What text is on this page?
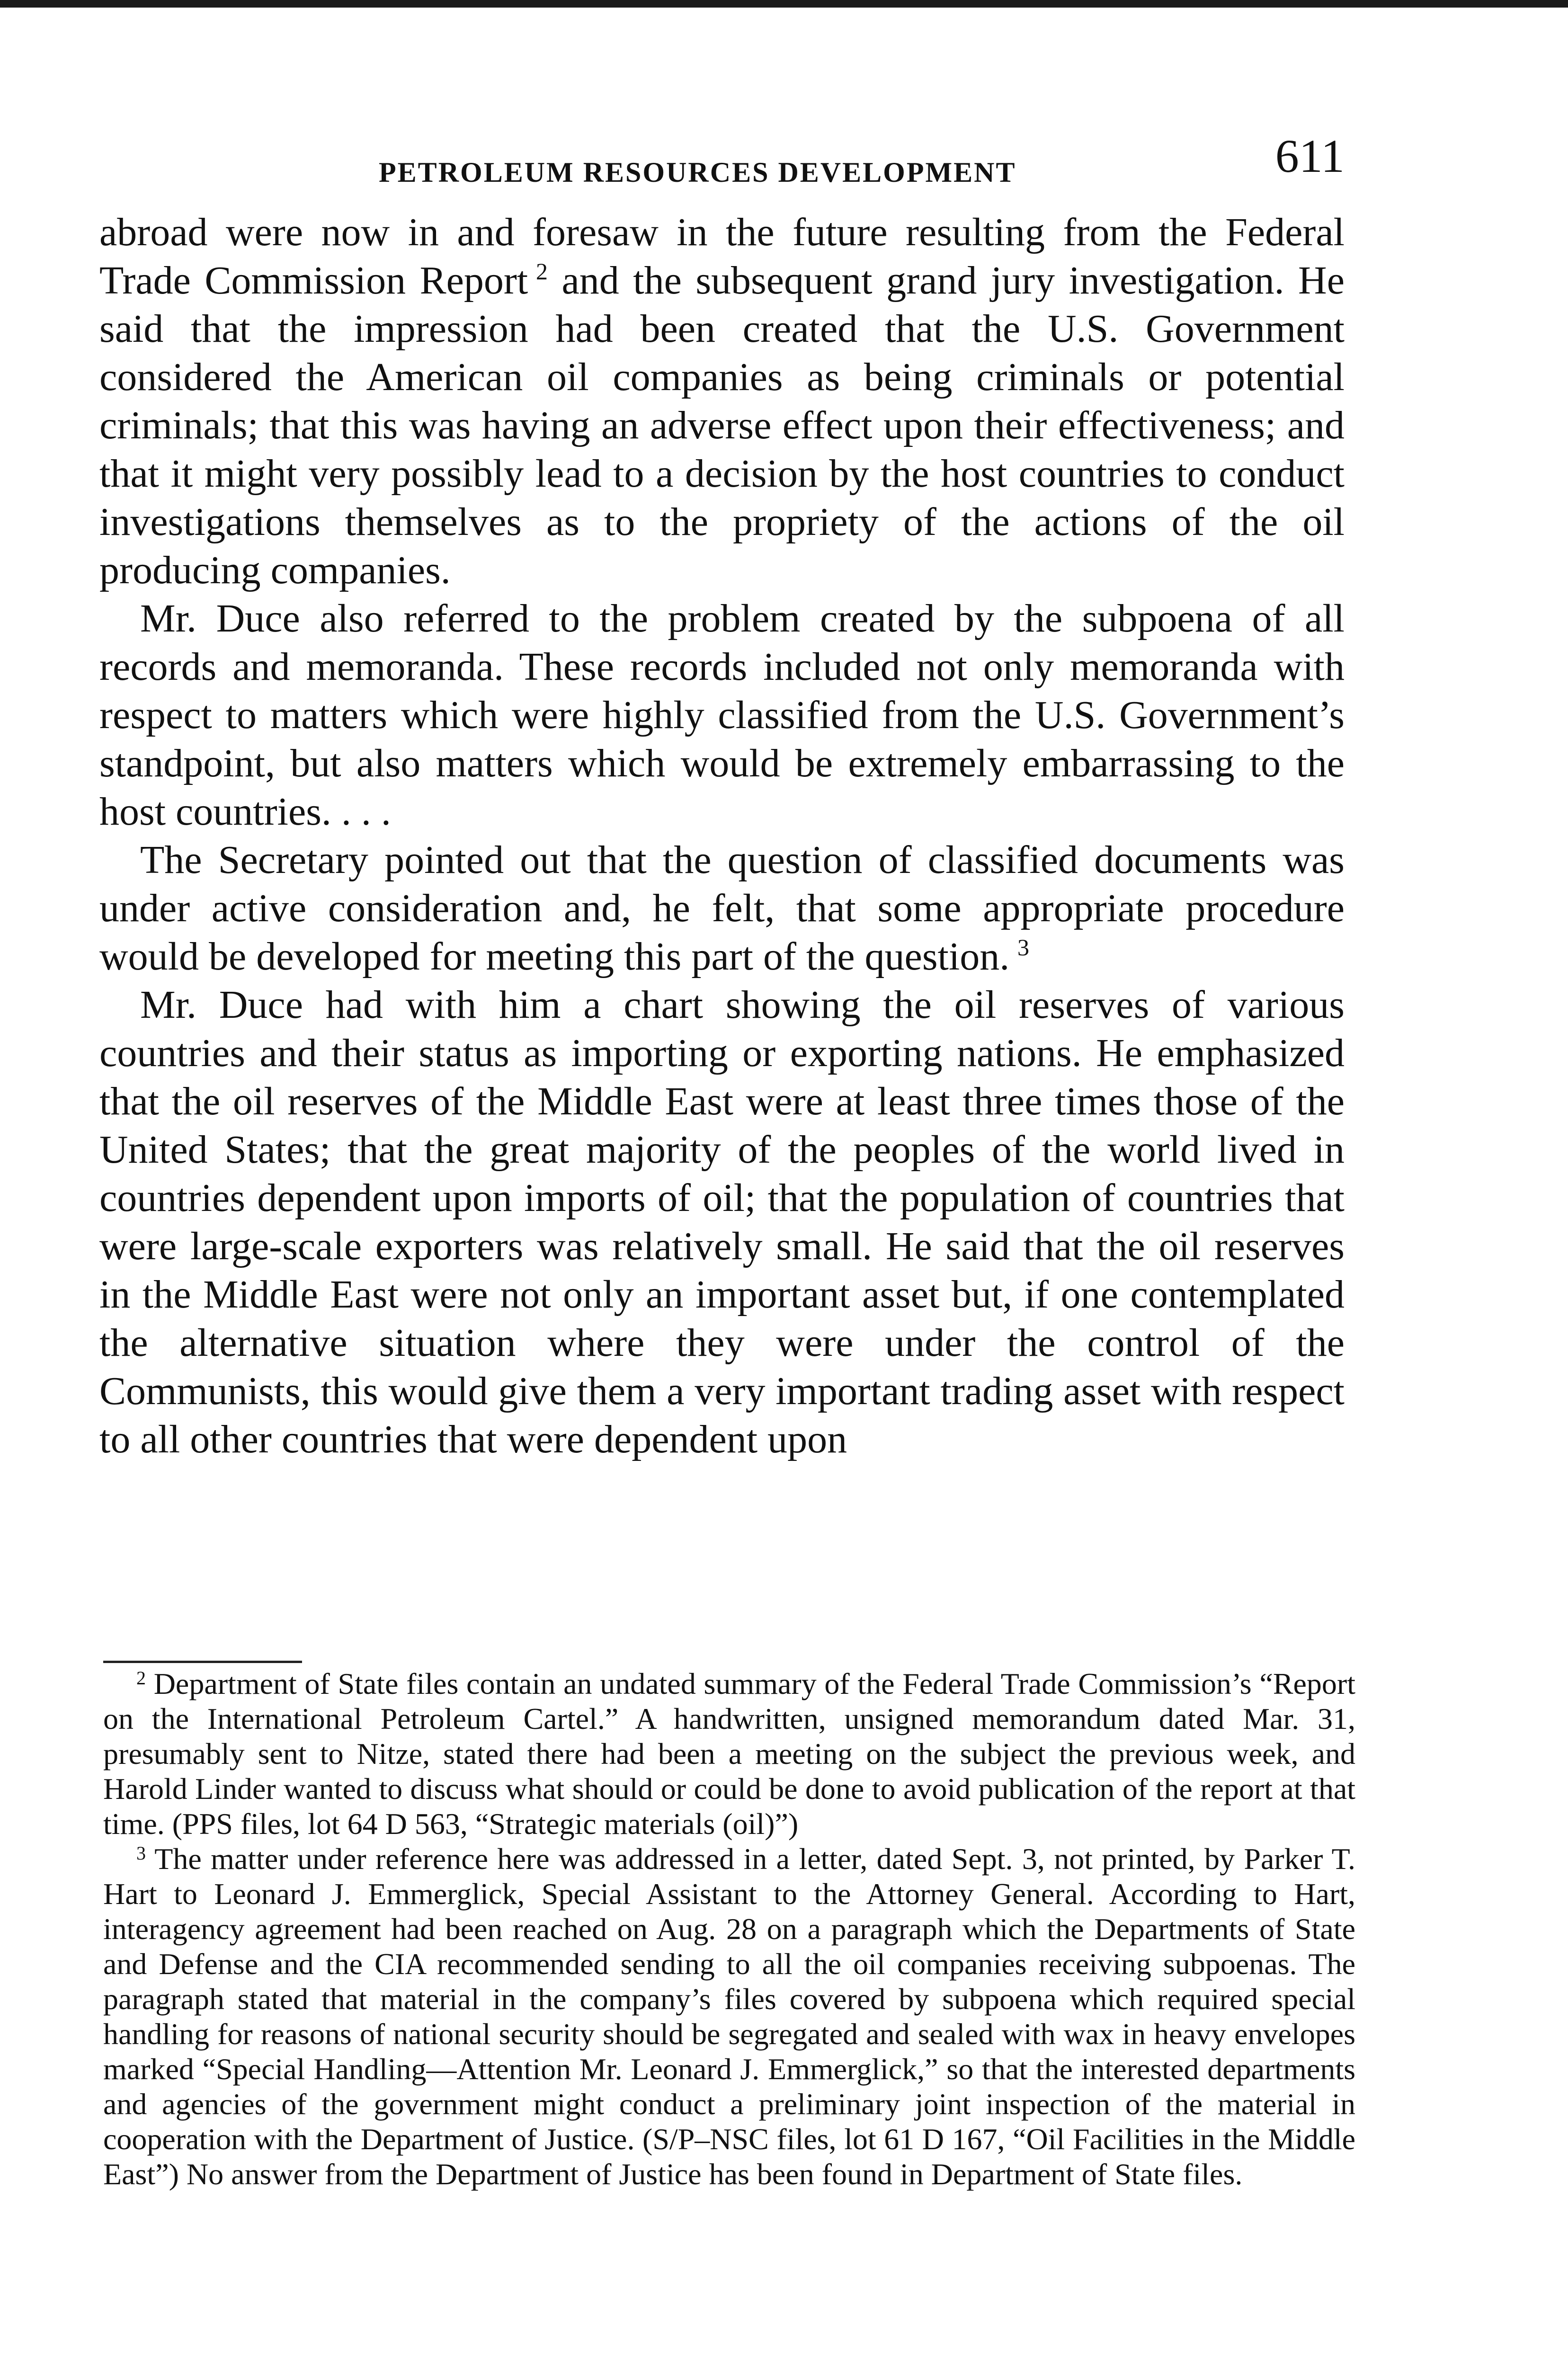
PETROLEUM RESOURCES DEVELOPMENT	611

abroad were now in and foresaw in the future resulting from the Federal Trade Commission Report  $^2$ and the subsequent grand jury investigation. He said that the impression had been created that the U.S. Government considered the American oil companies as being criminals or potential criminals; that this was having an adverse effect upon their effectiveness; and that it might very possibly lead to a decision by the host countries to conduct investigations themselves as to the propriety of the actions of the oil producing companies.

Mr. Duce also referred to the problem created by the subpoena of all records and memoranda. These records included not only memoranda with respect to matters which were highly classified from the U.S. Government’s standpoint, but also matters which would be extremely embarrassing to the host countries. . . .

The Secretary pointed out that the question of classified documents was under active consideration and, he felt, that some appropriate procedure would be developed for meeting this part of the question.  $^3$

Mr. Duce had with him a chart showing the oil reserves of various countries and their status as importing or exporting nations. He emphasized that the oil reserves of the Middle East were at least three times those of the United States; that the great majority of the peoples of the world lived in countries dependent upon imports of oil; that the population of countries that were large-scale exporters was relatively small. He said that the oil reserves in the Middle East were not only an important asset but, if one contemplated the alternative situation where they were under the control of the Communists, this would give them a very important trading asset with respect to all other countries that were dependent upon

$^2$ Department of State files contain an undated summary of the Federal Trade Commission’s “Report on the International Petroleum Cartel.” A handwritten, unsigned memorandum dated Mar. 31, presumably sent to Nitze, stated there had been a meeting on the subject the previous week, and Harold Linder wanted to discuss what should or could be done to avoid publication of the report at that time. (PPS files, lot 64 D 563, “Strategic materials (oil)”)

$^3$ The matter under reference here was addressed in a letter, dated Sept. 3, not printed, by Parker T. Hart to Leonard J. Emmerglick, Special Assistant to the Attorney General. According to Hart, interagency agreement had been reached on Aug. 28 on a paragraph which the Departments of State and Defense and the CIA recommended sending to all the oil companies receiving subpoenas. The paragraph stated that material in the company’s files covered by subpoena which required special handling for reasons of national security should be segregated and sealed with wax in heavy envelopes marked “Special Handling—Attention Mr. Leonard J. Emmerglick,” so that the interested departments and agencies of the government might conduct a preliminary joint inspection of the material in cooperation with the Department of Justice. (S/P–NSC files, lot 61 D 167, “Oil Facilities in the Middle East”) No answer from the Department of Justice has been found in Department of State files.
